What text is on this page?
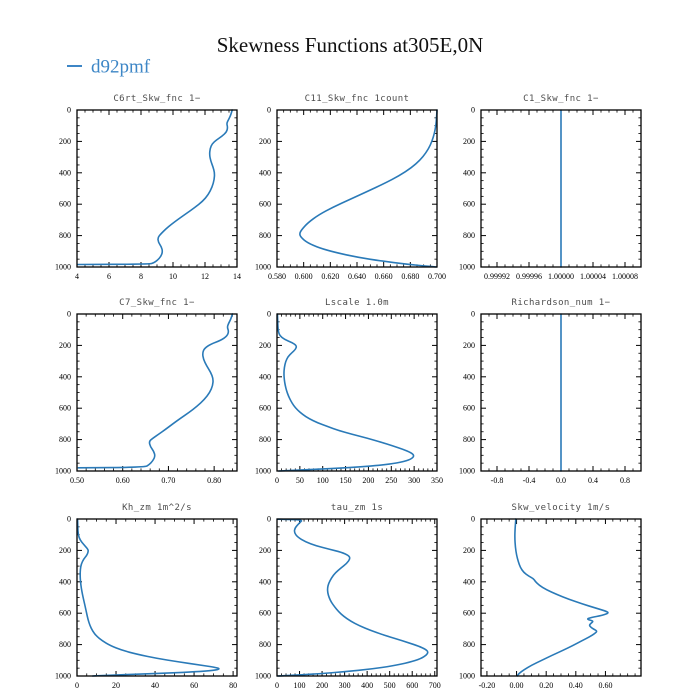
Skewness Functions at305E,0N
d92pmf
4	6	8	10	12	14
0
200
400
600
800
1000
C6rt_Skw_fnc 1−
0.580 0.600 0.620 0.640 0.660 0.680 0.700
0
200
400
600
800
1000
C11_Skw_fnc 1count
0.99992 0.99996 1.00000 1.00004 1.00008
0
200
400
600
800
1000
C1_Skw_fnc 1−
0.50	0.60	0.70	0.80
0
200
400
600
800
1000
C7_Skw_fnc 1−
0 50 100 150 200 250 300 350
0
200
400
600
800
1000
Lscale 1.0m
-0.8 -0.4	0.0	0.4	0.8
0
200
400
600
800
1000
Richardson_num 1−
0	20	40	60	80
0
200
400
600
800
1000
Kh_zm 1m^2/s
0 100 200 300 400 500 600 700
0
200
400
600
800
1000
tau_zm 1s
-0.20 0.00 0.20 0.40 0.60
0
200
400
600
800
1000
Skw_velocity 1m/s
